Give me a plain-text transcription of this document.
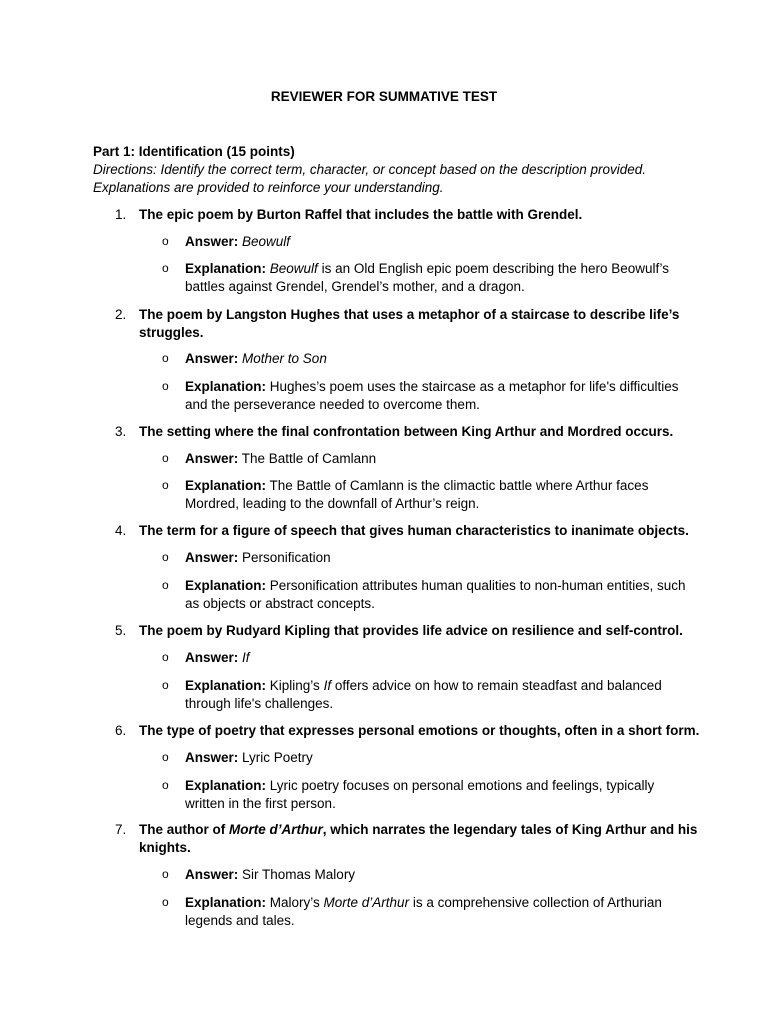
REVIEWER FOR SUMMATIVE TEST
Part 1: Identification (15 points)
Directions: Identify the correct term, character, or concept based on the description provided.
Explanations are provided to reinforce your understanding.
1. The epic poem by Burton Raffel that includes the battle with Grendel.
o Answer: Beowulf
o Explanation: Beowulf is an Old English epic poem describing the hero Beowulf’s
battles against Grendel, Grendel’s mother, and a dragon.
2. The poem by Langston Hughes that uses a metaphor of a staircase to describe life’s
struggles.
o Answer: Mother to Son
o Explanation: Hughes’s poem uses the staircase as a metaphor for life's difficulties
and the perseverance needed to overcome them.
3. The setting where the final confrontation between King Arthur and Mordred occurs.
o Answer: The Battle of Camlann
o Explanation: The Battle of Camlann is the climactic battle where Arthur faces
Mordred, leading to the downfall of Arthur’s reign.
4. The term for a figure of speech that gives human characteristics to inanimate objects.
o Answer: Personification
o Explanation: Personification attributes human qualities to non-human entities, such
as objects or abstract concepts.
5. The poem by Rudyard Kipling that provides life advice on resilience and self-control.
o Answer: If
o Explanation: Kipling’s If offers advice on how to remain steadfast and balanced
through life's challenges.
6. The type of poetry that expresses personal emotions or thoughts, often in a short form.
o Answer: Lyric Poetry
o Explanation: Lyric poetry focuses on personal emotions and feelings, typically
written in the first person.
7. The author of Morte d’Arthur, which narrates the legendary tales of King Arthur and his
knights.
o Answer: Sir Thomas Malory
o Explanation: Malory’s Morte d’Arthur is a comprehensive collection of Arthurian
legends and tales.
